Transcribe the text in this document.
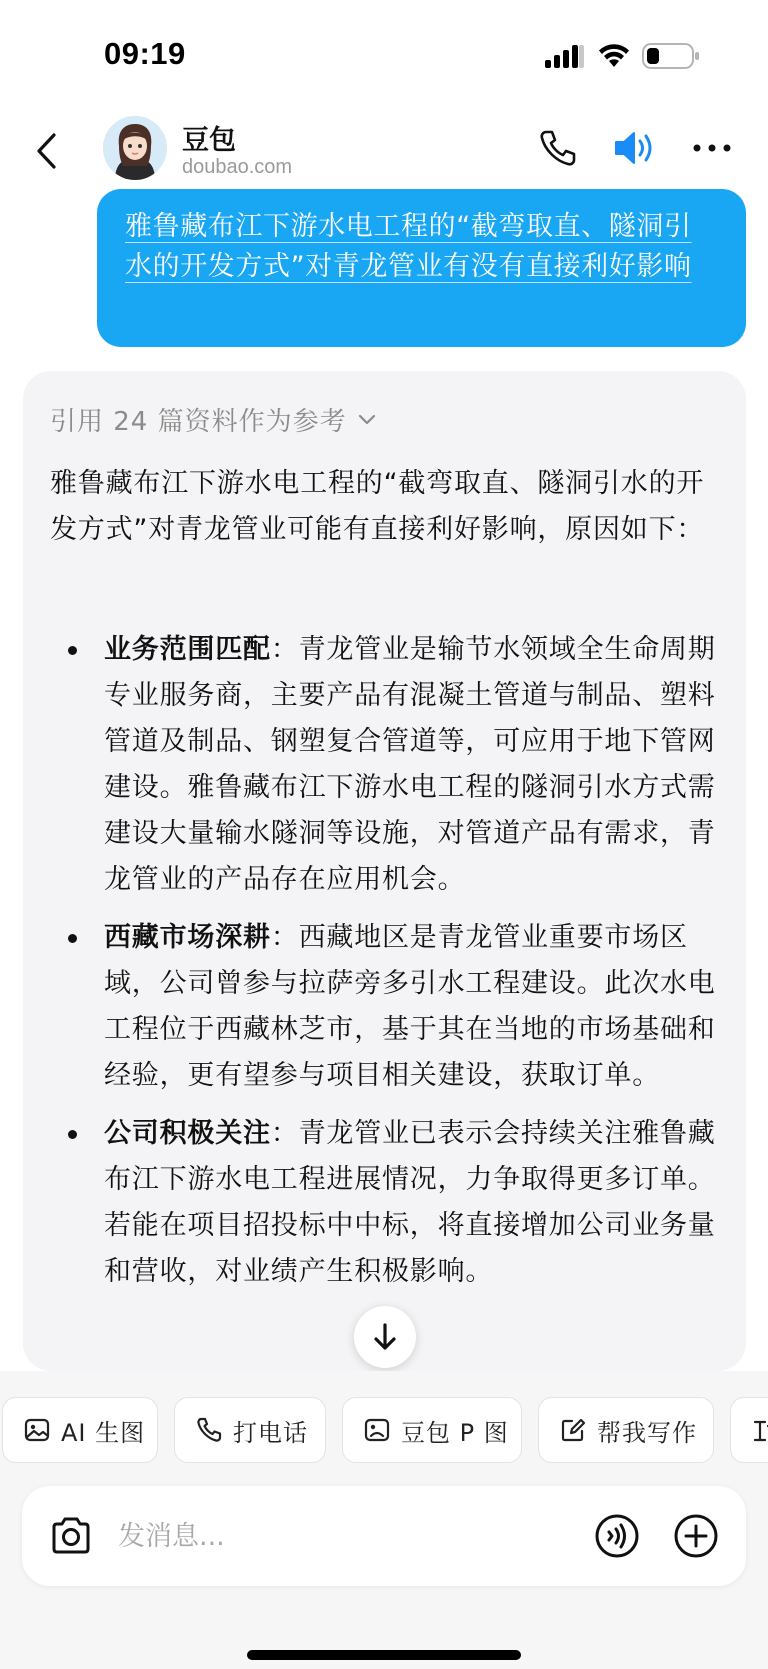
09:19
豆包
doubao.com
雅鲁藏布江下游水电工程的“截弯取直、隧洞引水的开发方式”对青龙管业有没有直接利好影响
引用 24 篇资料作为参考
雅鲁藏布江下游水电工程的“截弯取直、隧洞引水的开发方式”对青龙管业可能有直接利好影响，原因如下：
业务范围匹配：青龙管业是输节水领域全生命周期专业服务商，主要产品有混凝土管道与制品、塑料管道及制品、钢塑复合管道等，可应用于地下管网建设。雅鲁藏布江下游水电工程的隧洞引水方式需建设大量输水隧洞等设施，对管道产品有需求，青龙管业的产品存在应用机会。
西藏市场深耕：西藏地区是青龙管业重要市场区域，公司曾参与拉萨旁多引水工程建设。此次水电工程位于西藏林芝市，基于其在当地的市场基础和经验，更有望参与项目相关建设，获取订单。
公司积极关注：青龙管业已表示会持续关注雅鲁藏布江下游水电工程进展情况，力争取得更多订单。若能在项目招投标中中标，将直接增加公司业务量和营收，对业绩产生积极影响。
AI 生图	打电话	豆包 P 图	帮我写作
发消息...
